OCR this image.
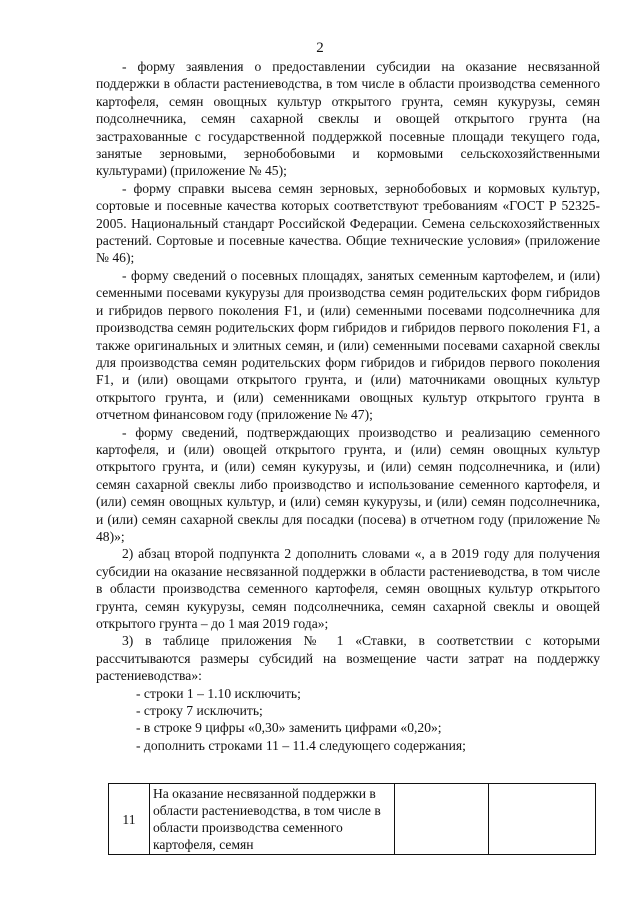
2

- форму заявления о предоставлении субсидии на оказание несвязанной поддержки в области растениеводства, в том числе в области производства семенного картофеля, семян овощных культур открытого грунта, семян кукурузы, семян подсолнечника, семян сахарной свеклы и овощей открытого грунта (на застрахованные с государственной поддержкой посевные площади текущего года, занятые зерновыми, зернобобовыми и кормовыми сельскохозяйственными культурами) (приложение № 45);

- форму справки высева семян зерновых, зернобобовых и кормовых культур, сортовые и посевные качества которых соответствуют требованиям «ГОСТ Р 52325-2005. Национальный стандарт Российской Федерации. Семена сельскохозяйственных растений. Сортовые и посевные качества. Общие технические условия» (приложение № 46);

- форму сведений о посевных площадях, занятых семенным картофелем, и (или) семенными посевами кукурузы для производства семян родительских форм гибридов и гибридов первого поколения F1, и (или) семенными посевами подсолнечника для производства семян родительских форм гибридов и гибридов первого поколения F1, а также оригинальных и элитных семян, и (или) семенными посевами сахарной свеклы для производства семян родительских форм гибридов и гибридов первого поколения F1, и (или) овощами открытого грунта, и (или) маточниками овощных культур открытого грунта, и (или) семенниками овощных культур открытого грунта в отчетном финансовом году (приложение № 47);

- форму сведений, подтверждающих производство и реализацию семенного картофеля, и (или) овощей открытого грунта, и (или) семян овощных культур открытого грунта, и (или) семян кукурузы, и (или) семян подсолнечника, и (или) семян сахарной свеклы либо производство и использование семенного картофеля, и (или) семян овощных культур, и (или) семян кукурузы, и (или) семян подсолнечника, и (или) семян сахарной свеклы для посадки (посева) в отчетном году (приложение № 48)»;

2) абзац второй подпункта 2 дополнить словами «, а в 2019 году для получения субсидии на оказание несвязанной поддержки в области растениеводства, в том числе в области производства семенного картофеля, семян овощных культур открытого грунта, семян кукурузы, семян подсолнечника, семян сахарной свеклы и овощей открытого грунта – до 1 мая 2019 года»;

3) в таблице приложения № 1 «Ставки, в соответствии с которыми рассчитываются размеры субсидий на возмещение части затрат на поддержку растениеводства»:

- строки 1 – 1.10 исключить;

- строку 7 исключить;

- в строке 9 цифры «0,30» заменить цифрами «0,20»;

- дополнить строками 11 – 11.4 следующего содержания;

11	На оказание несвязанной поддержки в области растениеводства, в том числе в области производства семенного картофеля, семян		
